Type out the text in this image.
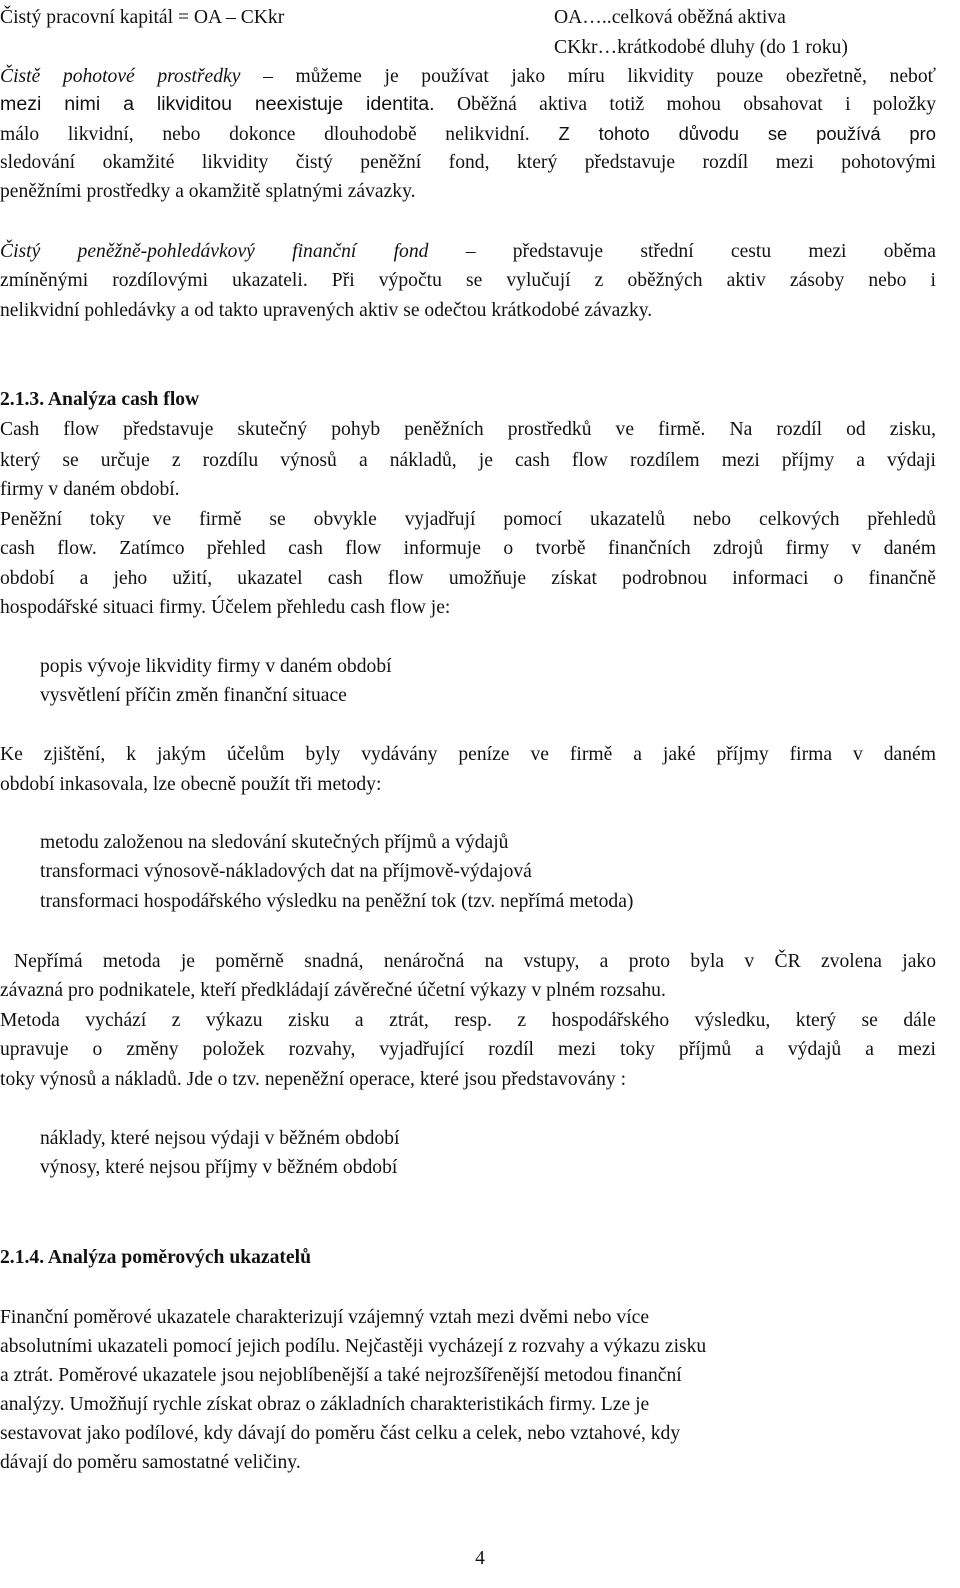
Čistý pracovní kapitál = OA – CKkr	OA…..celková oběžná aktiva
CKkr…krátkodobé dluhy (do 1 roku)
Čistě pohotové prostředky – můžeme je používat jako míru likvidity pouze obezřetně, neboť
mezi nimi a likviditou neexistuje identita. Oběžná aktiva totiž mohou obsahovat i položky
málo likvidní, nebo dokonce dlouhodobě nelikvidní. Z tohoto důvodu se používá pro
sledování okamžité likvidity čistý peněžní fond, který představuje rozdíl mezi pohotovými
peněžními prostředky a okamžitě splatnými závazky.
Čistý peněžně-pohledávkový finanční fond – představuje střední cestu mezi oběma
zmíněnými rozdílovými ukazateli. Při výpočtu se vylučují z oběžných aktiv zásoby nebo i
nelikvidní pohledávky a od takto upravených aktiv se odečtou krátkodobé závazky.
2.1.3. Analýza cash flow
Cash flow představuje skutečný pohyb peněžních prostředků ve firmě. Na rozdíl od zisku,
který se určuje z rozdílu výnosů a nákladů, je cash flow rozdílem mezi příjmy a výdaji
firmy v daném období.
Peněžní toky ve firmě se obvykle vyjadřují pomocí ukazatelů nebo celkových přehledů
cash flow. Zatímco přehled cash flow informuje o tvorbě finančních zdrojů firmy v daném
období a jeho užití, ukazatel cash flow umožňuje získat podrobnou informaci o finančně
hospodářské situaci firmy. Účelem přehledu cash flow je:
popis vývoje likvidity firmy v daném období
vysvětlení příčin změn finanční situace
Ke zjištění, k jakým účelům byly vydávány peníze ve firmě a jaké příjmy firma v daném
období inkasovala, lze obecně použít tři metody:
metodu založenou na sledování skutečných příjmů a výdajů
transformaci výnosově-nákladových dat na příjmově-výdajová
transformaci hospodářského výsledku na peněžní tok (tzv. nepřímá metoda)
Nepřímá metoda je poměrně snadná, nenáročná na vstupy, a proto byla v ČR zvolena jako
závazná pro podnikatele, kteří předkládají závěrečné účetní výkazy v plném rozsahu.
Metoda vychází z výkazu zisku a ztrát, resp. z hospodářského výsledku, který se dále
upravuje o změny položek rozvahy, vyjadřující rozdíl mezi toky příjmů a výdajů a mezi
toky výnosů a nákladů. Jde o tzv. nepeněžní operace, které jsou představovány :
náklady, které nejsou výdaji v běžném období
výnosy, které nejsou příjmy v běžném období
2.1.4. Analýza poměrových ukazatelů
Finanční poměrové ukazatele charakterizují vzájemný vztah mezi dvěmi nebo více
absolutními ukazateli pomocí jejich podílu. Nejčastěji vycházejí z rozvahy a výkazu zisku
a ztrát. Poměrové ukazatele jsou nejoblíbenější a také nejrozšířenější metodou finanční
analýzy. Umožňují rychle získat obraz o základních charakteristikách firmy. Lze je
sestavovat jako podílové, kdy dávají do poměru část celku a celek, nebo vztahové, kdy
dávají do poměru samostatné veličiny.
4
